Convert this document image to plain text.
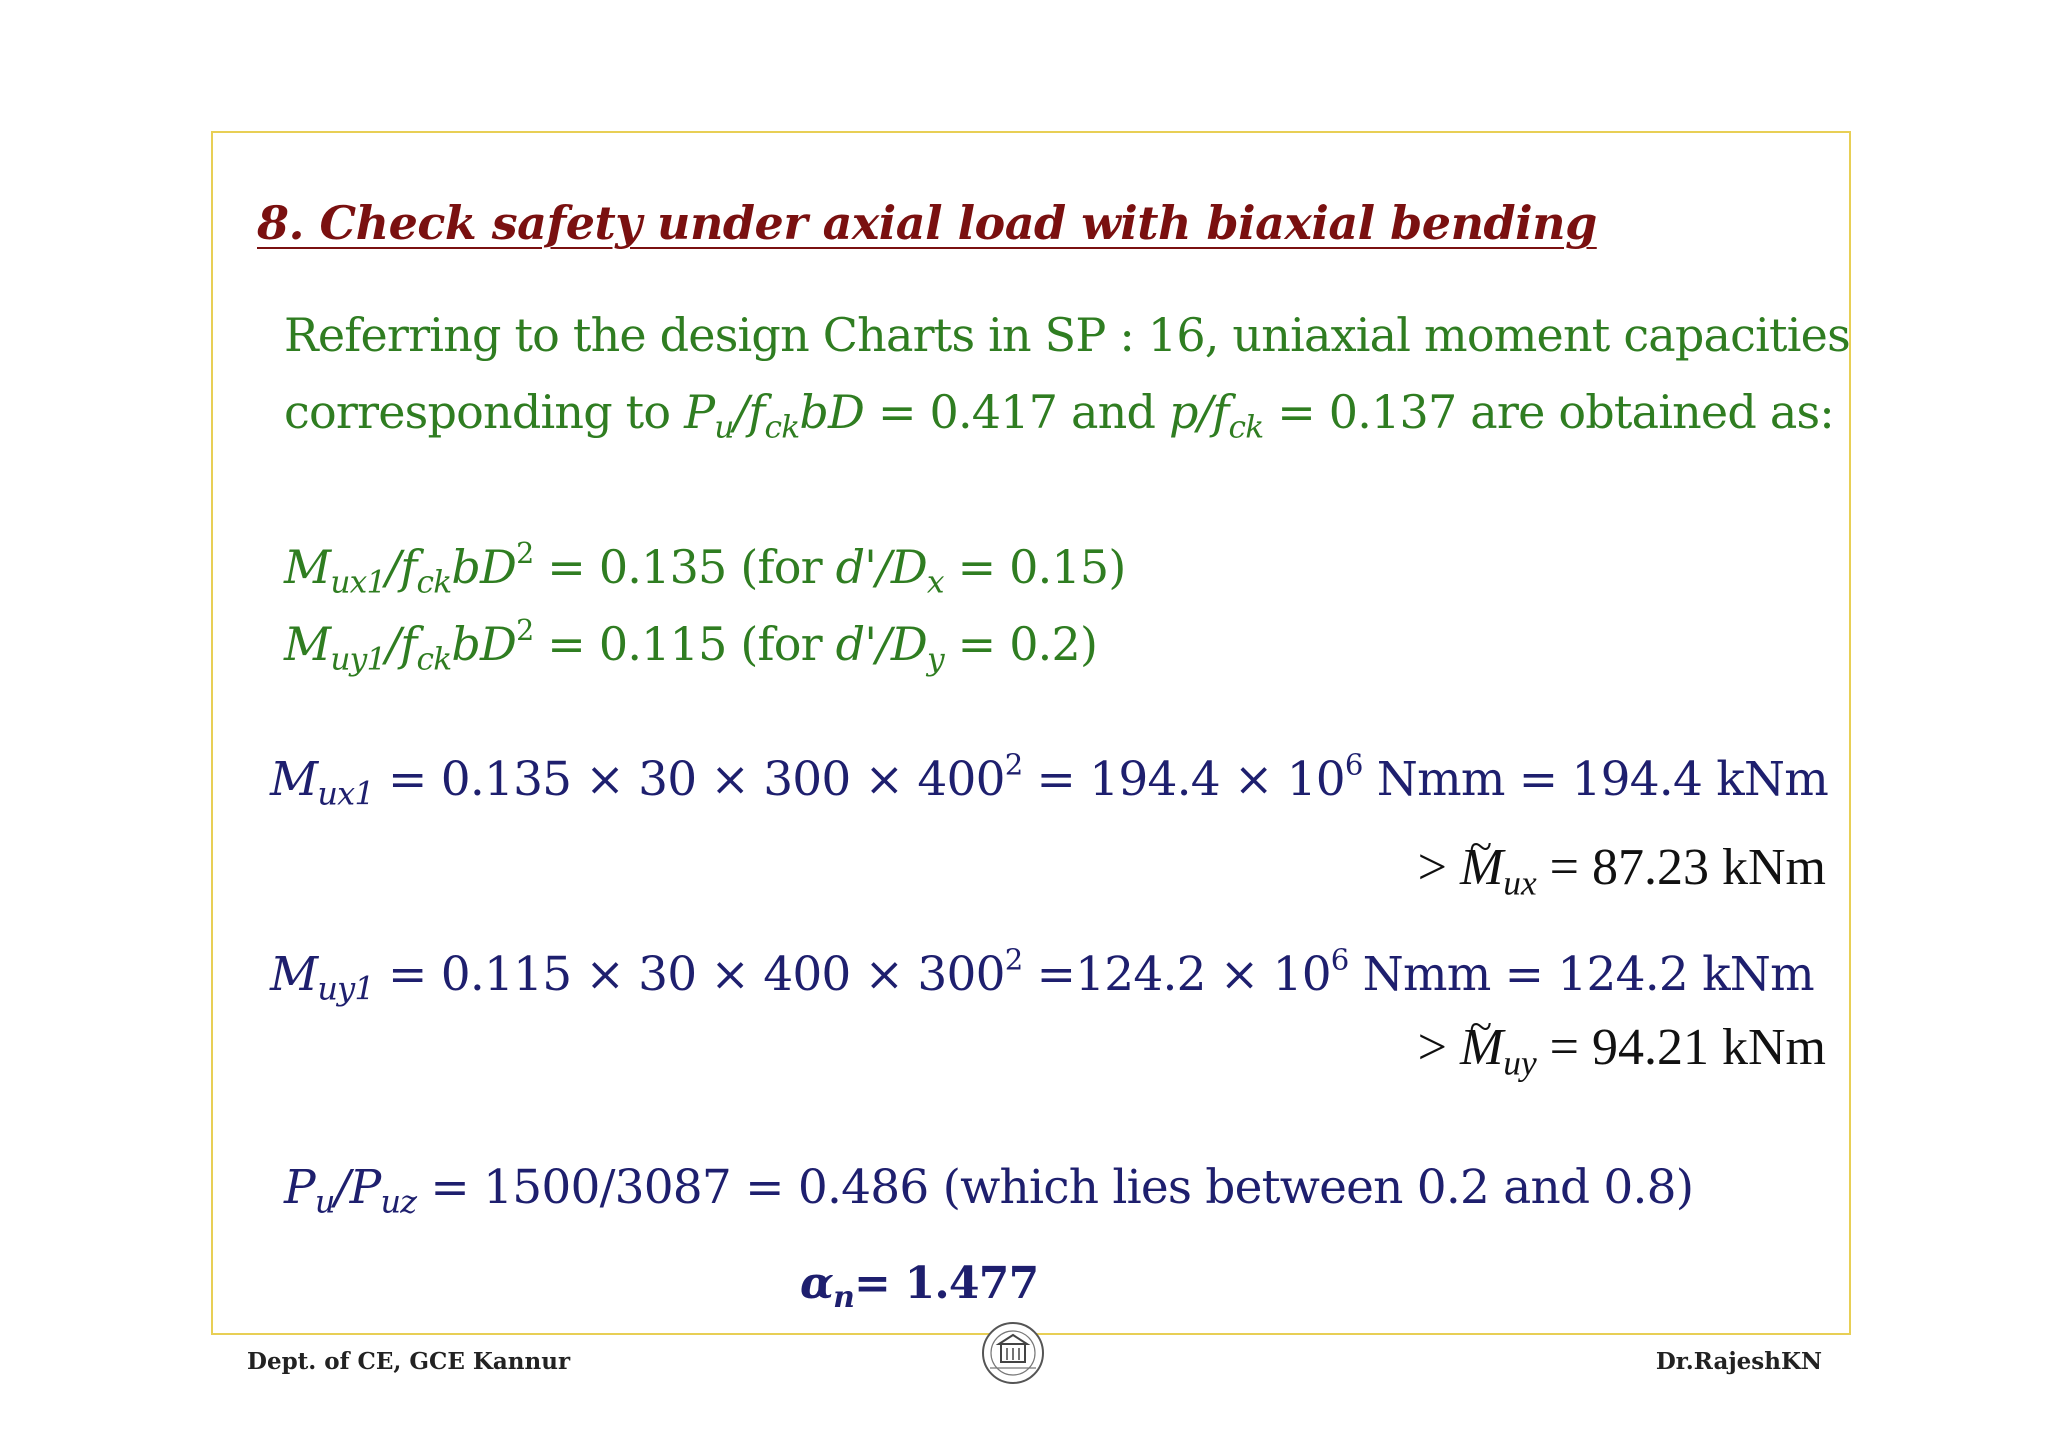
8. Check safety under axial load with biaxial bending
Referring to the design Charts in SP : 16, uniaxial moment capacities
corresponding to $P_u/f_{ck}bD = 0.417$ and $p/f_{ck} = 0.137$ are obtained as:
$M_{ux1}/f_{ck}bD^2 = 0.135$ (for $d'/D_x = 0.15$)
$M_{uy1}/f_{ck}bD^2 = 0.115$ (for $d'/D_y = 0.2$)
$M_{ux1} = 0.135 \times 30 \times 300 \times 400^2 = 194.4 \times 10^6$ Nmm = 194.4 kNm
> ~ $M_{ux} = 87.23$ kNm
$M_{uy1} = 0.115 \times 30 \times 400 \times 300^2 =124.2 \times 10^6$ Nmm = 124.2 kNm
> ~ $M_{uy} = 94.21$ kNm
$P_u/P_{uz} = 1500/3087 = 0.486$ (which lies between 0.2 and 0.8)
$\alpha_n= 1.477$
Dept. of CE, GCE Kannur	Dr.RajeshKN
